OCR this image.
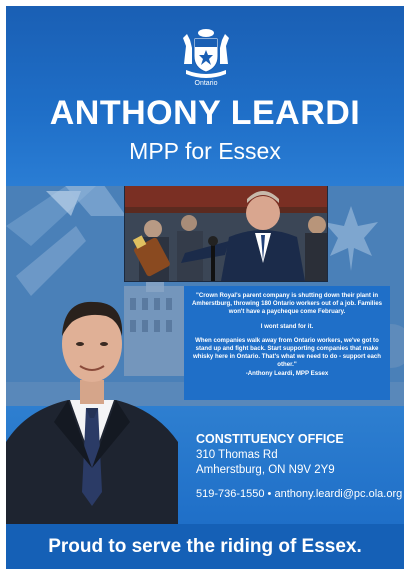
Ontario
ANTHONY LEARDI
MPP for Essex

"Crown Royal's parent company is shutting down their plant in Amherstburg, throwing 180 Ontario workers out of a job. Families won't have a paycheque come February.

I wont stand for it.

When companies walk away from Ontario workers, we've got to stand up and fight back. Start supporting companies that make whisky here in Ontario. That's what we need to do - support each other."

-Anthony Leardi, MPP Essex

CONSTITUENCY OFFICE
310 Thomas Rd
Amherstburg, ON N9V 2Y9
519-736-1550 • anthony.leardi@pc.ola.org
Proud to serve the riding of Essex.
